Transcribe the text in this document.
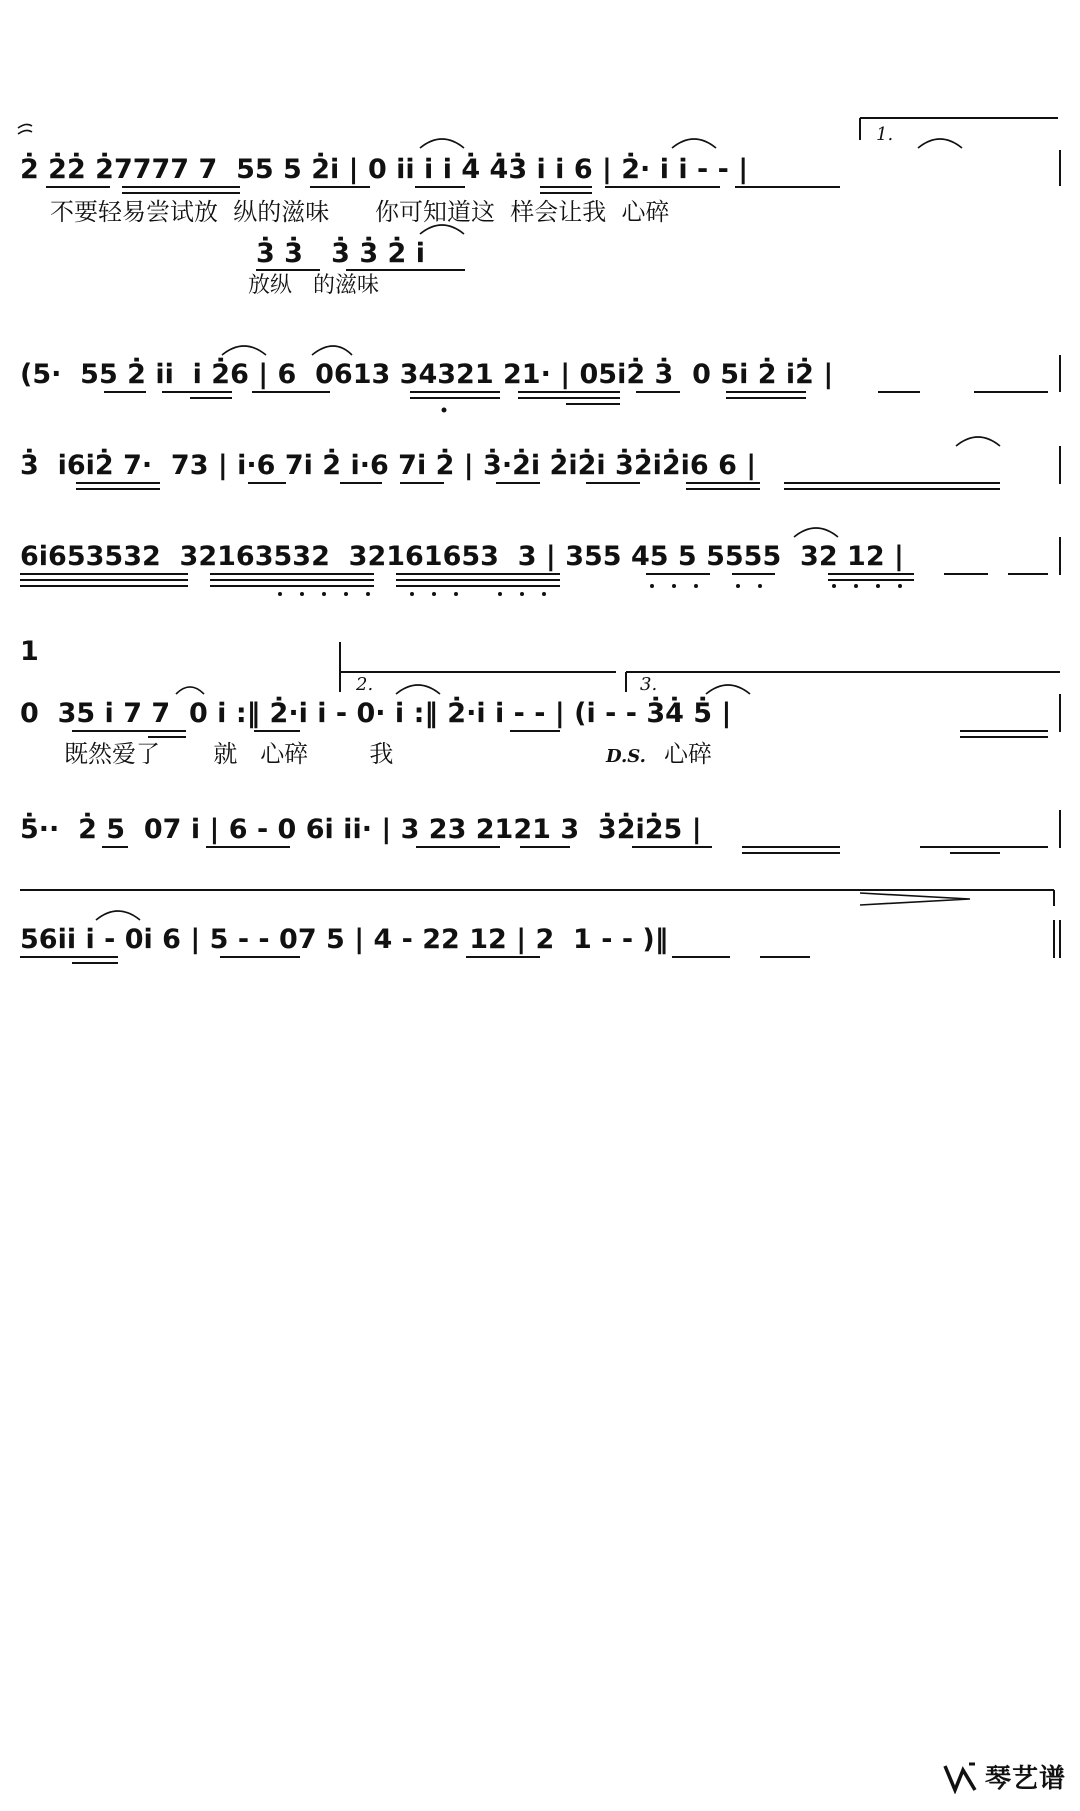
1.
2̇ 2̇2̇ 2̇7777 7  55 5 2̇i̇ | 0 i̇i̇ i̇ i̇ 4̇ 4̇3̇ i̇ i̇ 6 | 2̇· i̇ i̇ - - |
不要轻易尝试放  纵的滋味      你可知道这  样会让我  心碎
3̇ 3̇   3̇ 3̇ 2̇ i̇
放纵   的滋味
(5·  55 2̇ i̇i̇  i̇ 2̇6 | 6  0613 34321 21· | 05i̇2̇ 3̇  0 5i̇ 2̇ i̇2̇ |
3̇  i̇6i̇2̇ 7·  73 | i̇·6 7i̇ 2̇ i̇·6 7i̇ 2̇ | 3̇·2̇i̇ 2̇i̇2̇i̇ 3̇2̇i̇2̇i̇6 6 |
6i̇653532  32163532  32161653  3 | 355 45 5 5555  32 12 |
1
2.	3.
0  35 i̇ 7 7  0 i̇ :‖ 2̇·i̇ i̇ - 0· i̇ :‖ 2̇·i̇ i̇ - - | (i̇ - - 3̇4̇ 5̇ |
既然爱了       就   心碎        我	D.S. 心碎
5̇··  2̇ 5  07 i̇ | 6 - 0 6i̇ i̇i̇· | 3 23 2121 3  3̇2̇i̇2̇5 |
56i̇i̇ i̇ - 0i̇ 6 | 5 - - 07 5 | 4 - 22 12 | 2  1 - - )‖
琴艺谱
